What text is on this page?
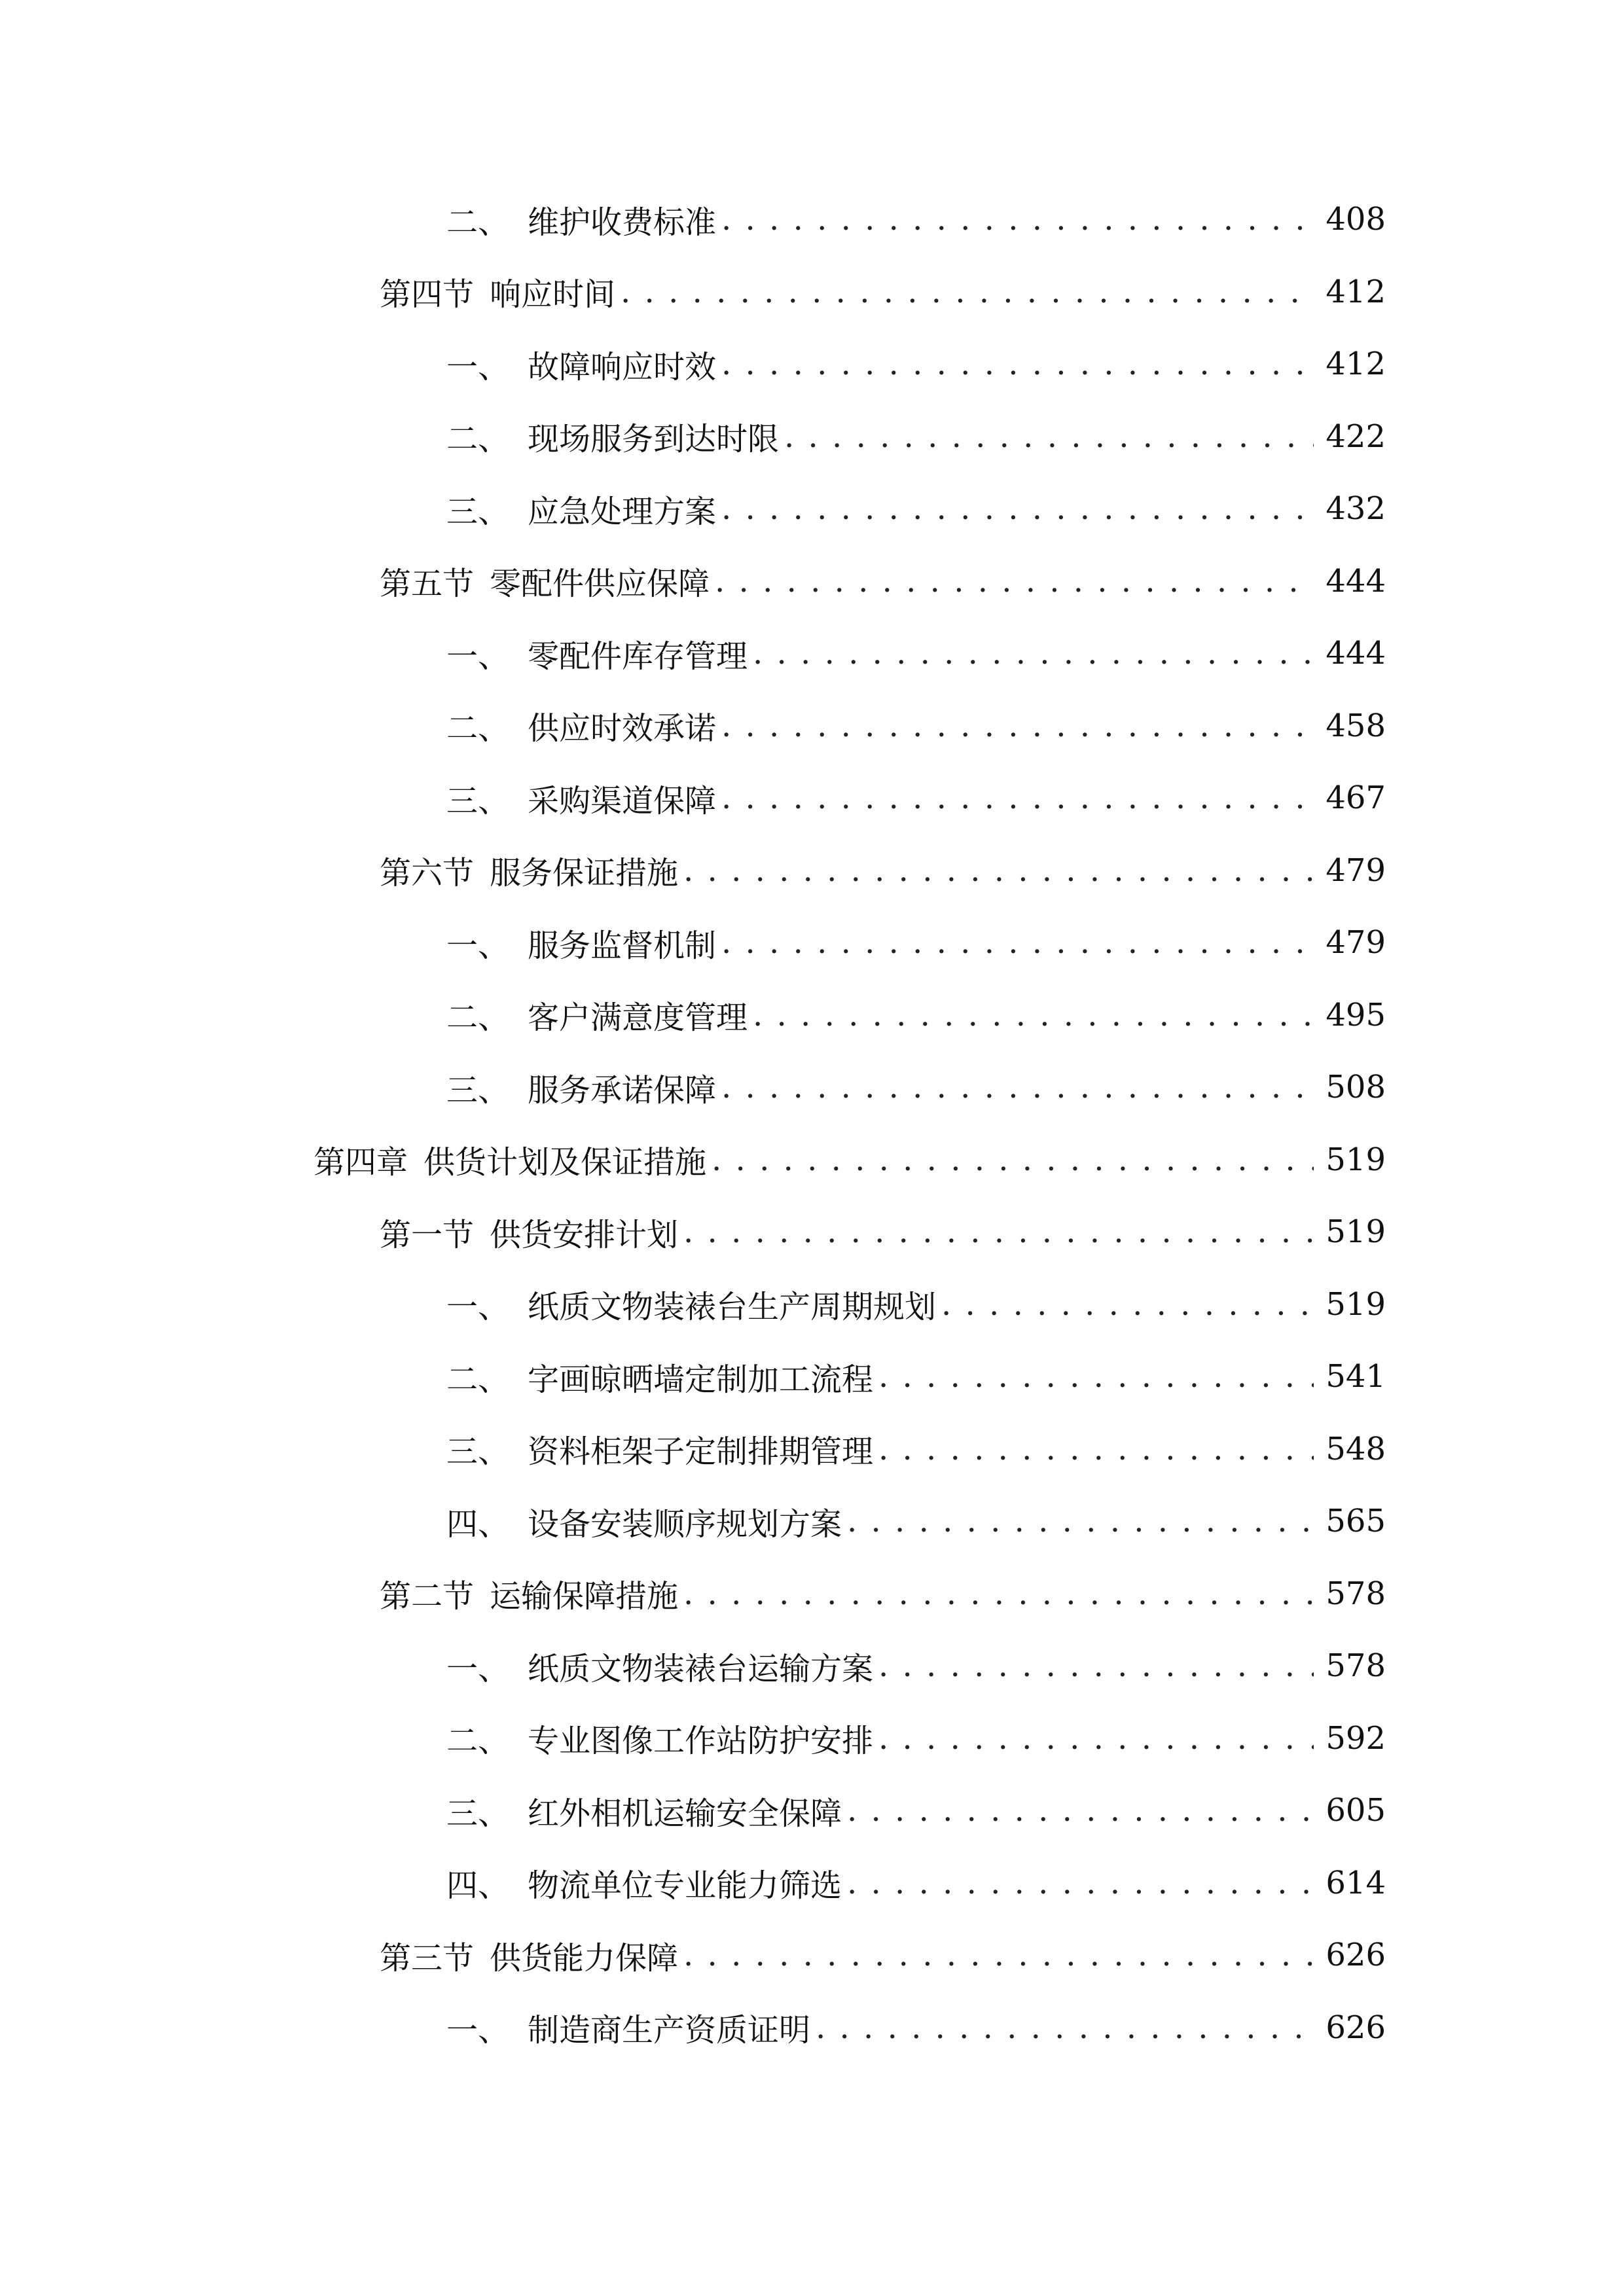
二、 维护收费标准 . . .	408
第四节 响应时间 . . .	412
一、 故障响应时效 . . .	412
二、 现场服务到达时限 . . .	422
三、 应急处理方案 . . .	432
第五节 零配件供应保障 . . .	444
一、 零配件库存管理 . . .	444
二、 供应时效承诺 . . .	458
三、 采购渠道保障 . . .	467
第六节 服务保证措施 . . .	479
一、 服务监督机制 . . .	479
二、 客户满意度管理 . . .	495
三、 服务承诺保障 . . .	508
第四章 供货计划及保证措施 . . .	519
第一节 供货安排计划 . . .	519
一、 纸质文物装裱台生产周期规划 . . .	519
二、 字画晾晒墙定制加工流程 . . .	541
三、 资料柜架子定制排期管理 . . .	548
四、 设备安装顺序规划方案 . . .	565
第二节 运输保障措施 . . .	578
一、 纸质文物装裱台运输方案 . . .	578
二、 专业图像工作站防护安排 . . .	592
三、 红外相机运输安全保障 . . .	605
四、 物流单位专业能力筛选 . . .	614
第三节 供货能力保障 . . .	626
一、 制造商生产资质证明 . . .	626
